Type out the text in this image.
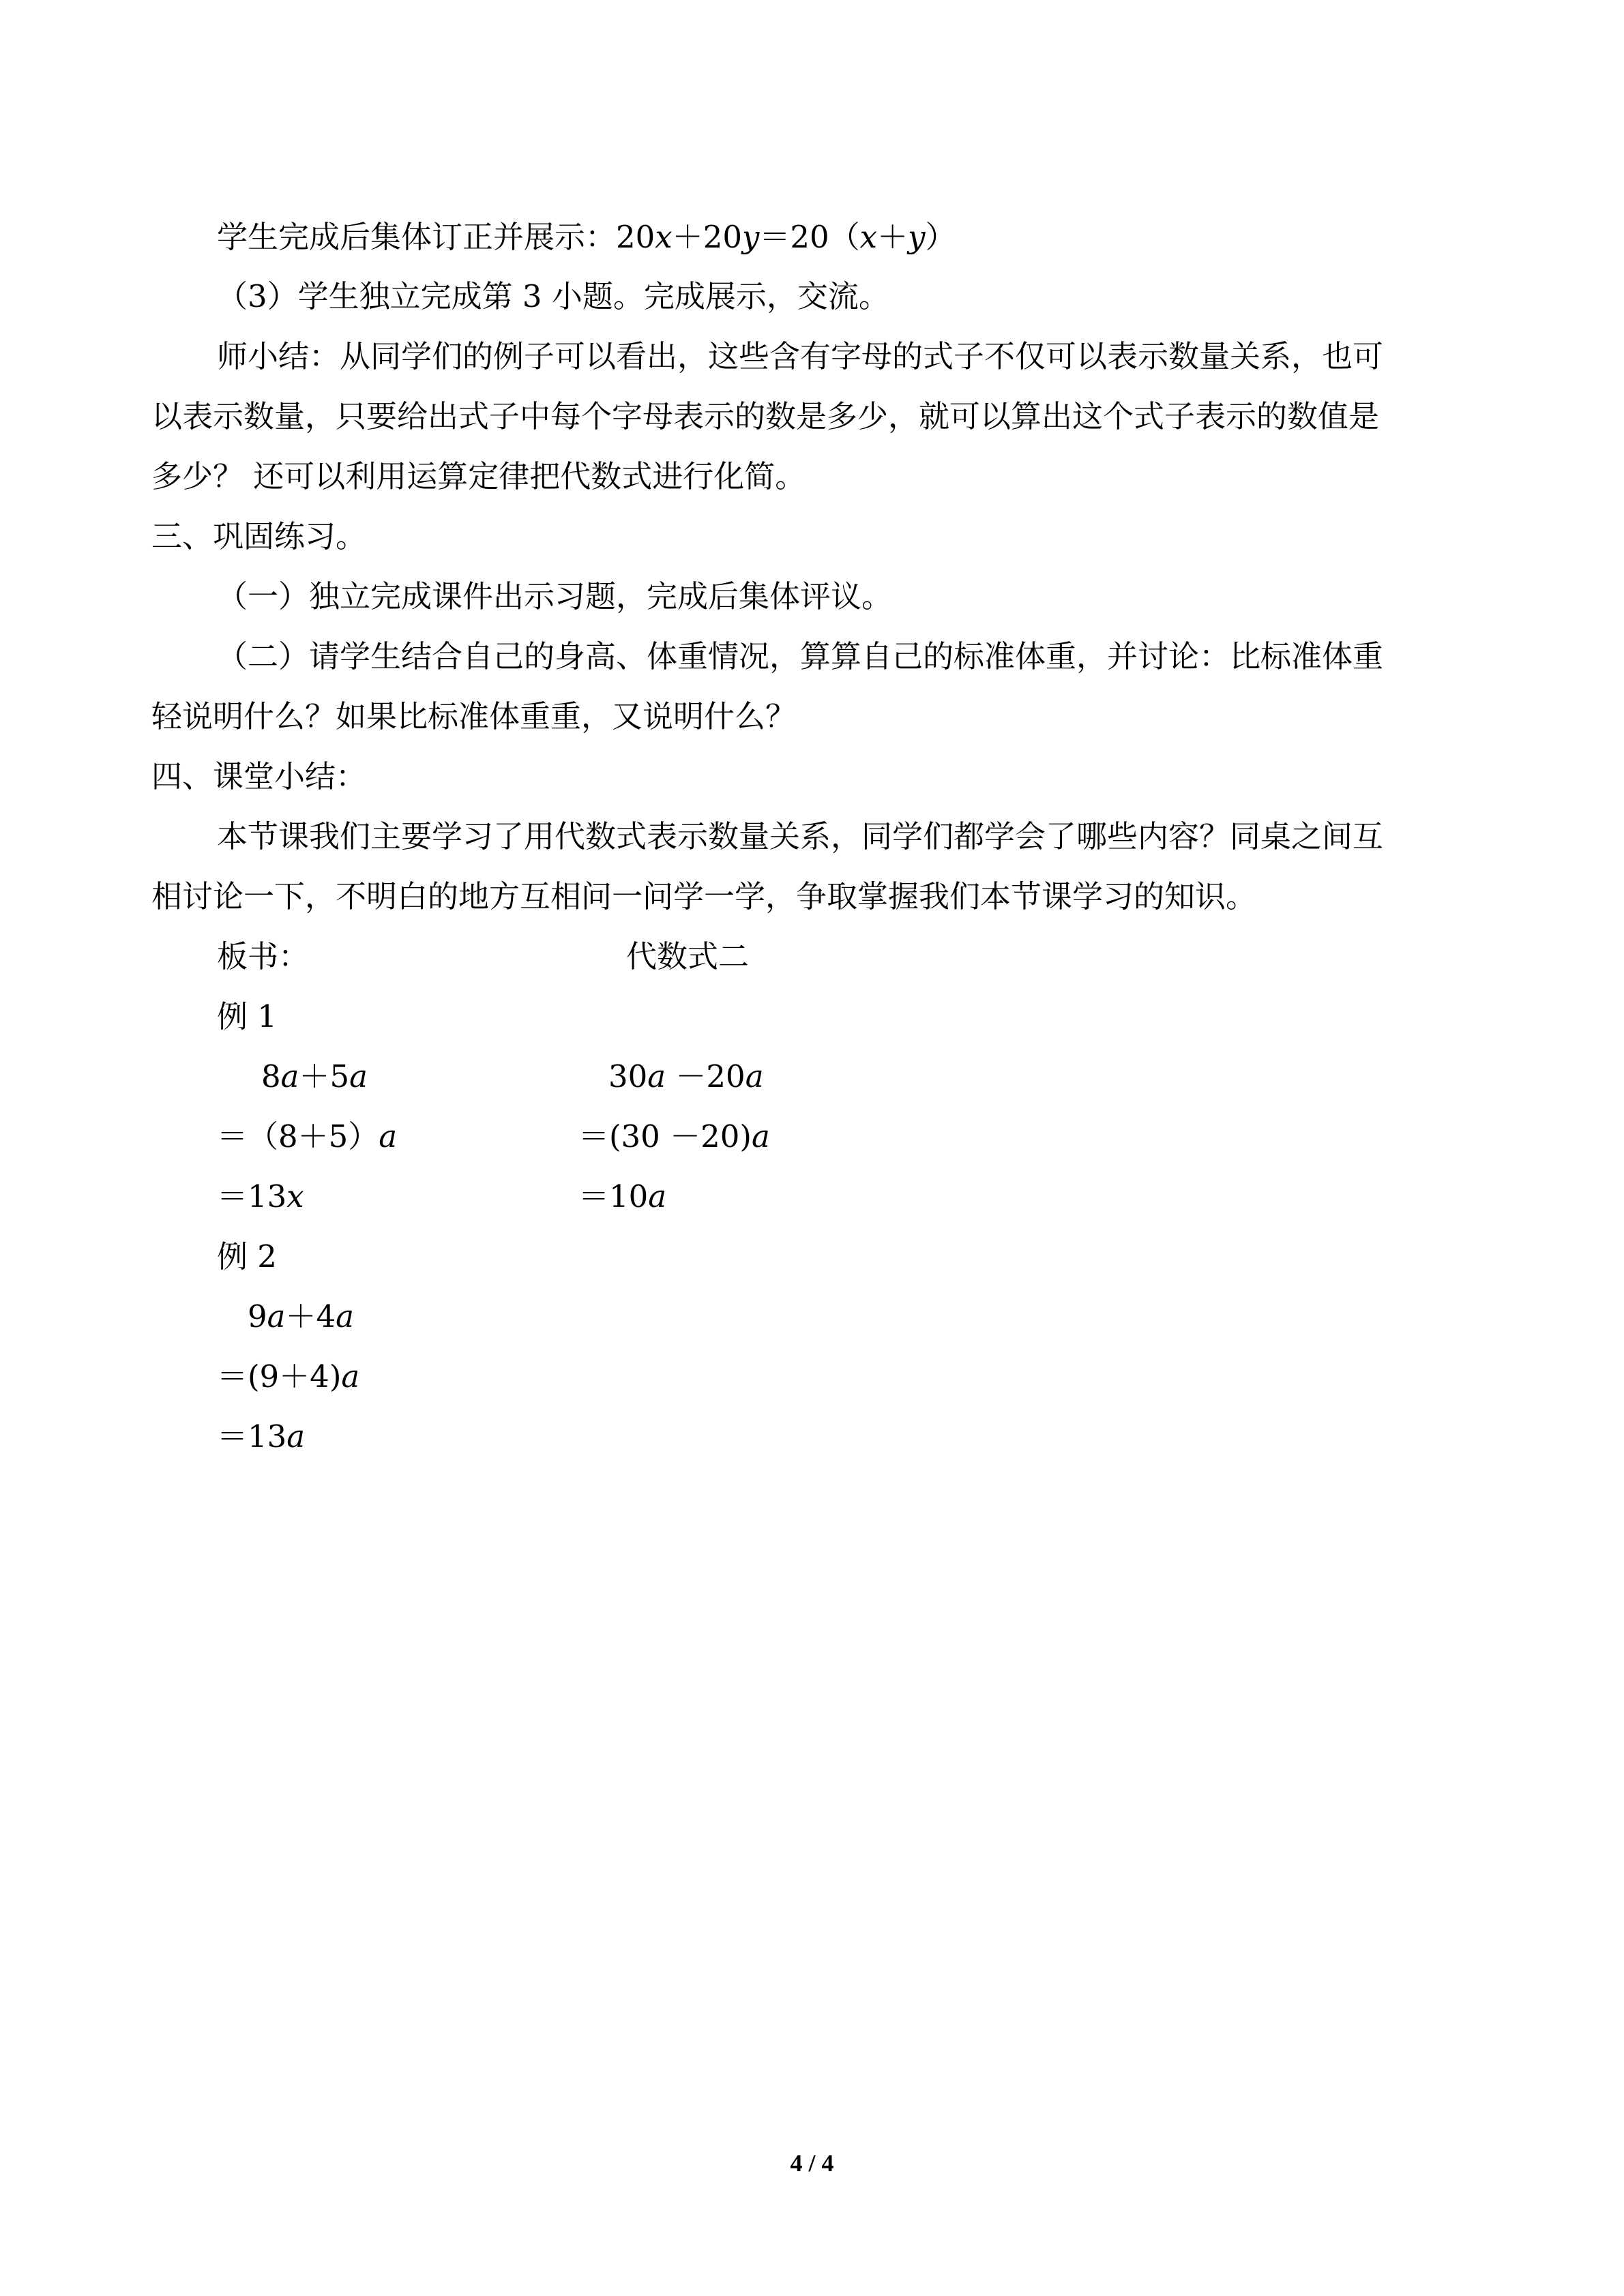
学生完成后集体订正并展示：20x＋20y＝20（x＋y）
（3）学生独立完成第 3 小题。完成展示，交流。
师小结：从同学们的例子可以看出，这些含有字母的式子不仅可以表示数量关系，也可
以表示数量，只要给出式子中每个字母表示的数是多少，就可以算出这个式子表示的数值是
多少？ 还可以利用运算定律把代数式进行化简。
三、巩固练习。
（一）独立完成课件出示习题，完成后集体评议。
（二）请学生结合自己的身高、体重情况，算算自己的标准体重，并讨论：比标准体重
轻说明什么？如果比标准体重重，又说明什么？
四、课堂小结：
本节课我们主要学习了用代数式表示数量关系，同学们都学会了哪些内容？同桌之间互
相讨论一下，不明白的地方互相问一问学一学，争取掌握我们本节课学习的知识。
板书：	代数式二
例 1
8a＋5a	30a －20a
＝（8＋5）a	＝(30 －20)a
＝13x	＝10a
例 2
9a＋4a
＝(9＋4)a
＝13a
4 / 4
